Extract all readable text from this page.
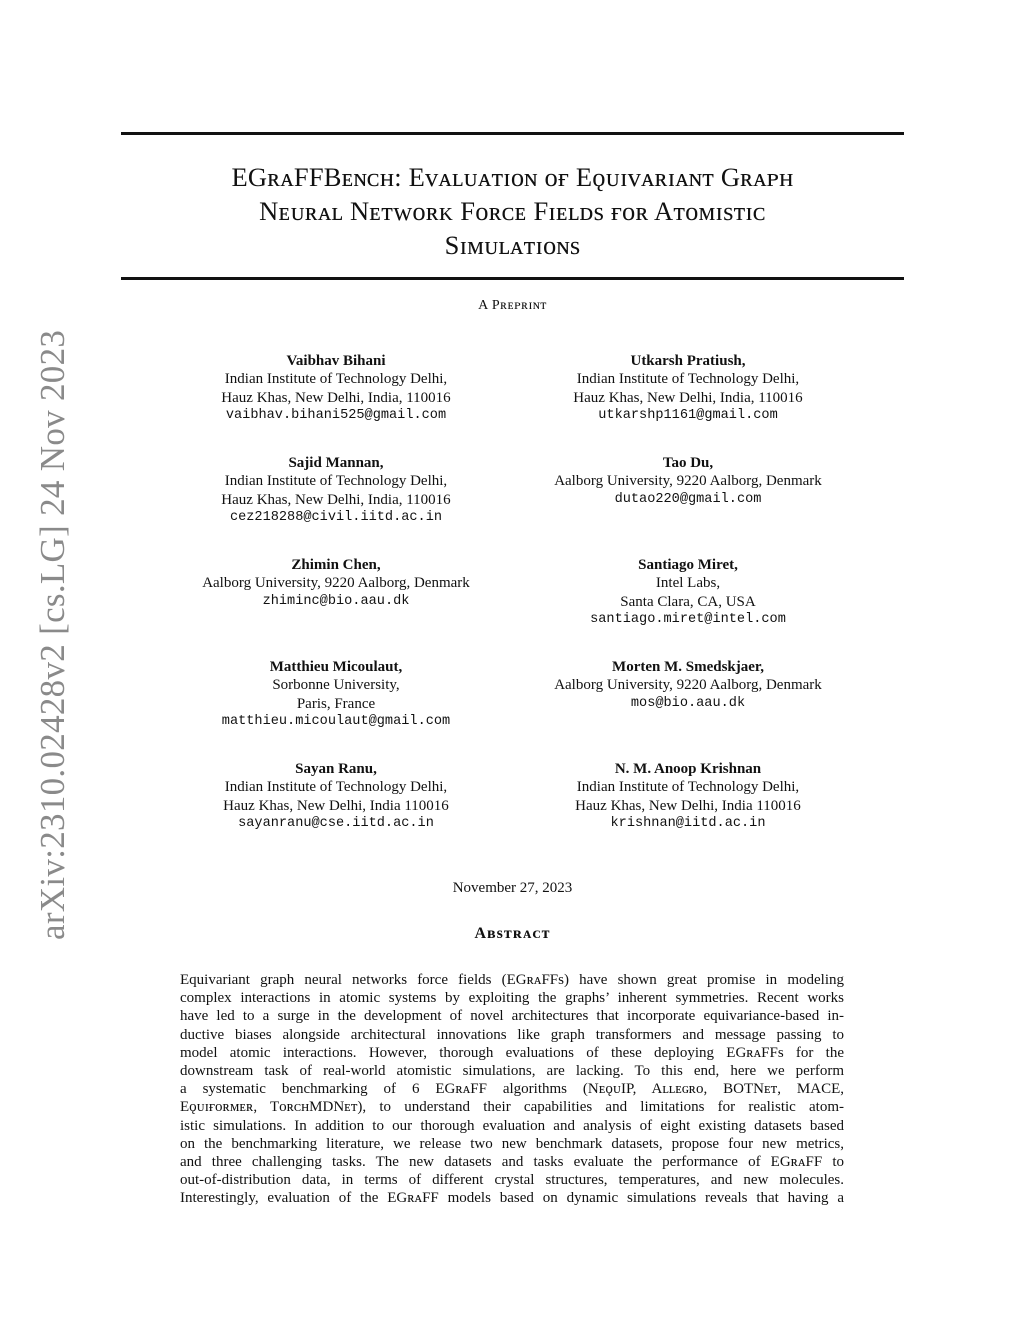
EGʀᴀFFBᴇɴᴄʜ: Eᴠᴀʟᴜᴀᴛɪᴏɴ ᴏғ Eǫᴜɪᴠᴀʀɪᴀɴᴛ Gʀᴀᴘʜ
Nᴇᴜʀᴀʟ Nᴇᴛᴡᴏʀᴋ Fᴏʀᴄᴇ Fɪᴇʟᴅs ғᴏʀ Aᴛᴏᴍɪsᴛɪᴄ
Sɪᴍᴜʟᴀᴛɪᴏɴs
A Pʀᴇᴘʀɪɴᴛ
arXiv:2310.02428v2 [cs.LG] 24 Nov 2023	Vaibhav Bihani
Indian Institute of Technology Delhi,
Hauz Khas, New Delhi, India, 110016
vaibhav.bihani525@gmail.com
Utkarsh Pratiush,
Indian Institute of Technology Delhi,
Hauz Khas, New Delhi, India, 110016
utkarshp1161@gmail.com
Sajid Mannan,
Indian Institute of Technology Delhi,
Hauz Khas, New Delhi, India, 110016
cez218288@civil.iitd.ac.in
Tao Du,
Aalborg University, 9220 Aalborg, Denmark
dutao220@gmail.com
Zhimin Chen,
Aalborg University, 9220 Aalborg, Denmark
zhiminc@bio.aau.dk
Santiago Miret,
Intel Labs,
Santa Clara, CA, USA
santiago.miret@intel.com
Matthieu Micoulaut,
Sorbonne University,
Paris, France
matthieu.micoulaut@gmail.com
Morten M. Smedskjaer,
Aalborg University, 9220 Aalborg, Denmark
mos@bio.aau.dk
Sayan Ranu,
Indian Institute of Technology Delhi,
Hauz Khas, New Delhi, India 110016
sayanranu@cse.iitd.ac.in
N. M. Anoop Krishnan
Indian Institute of Technology Delhi,
Hauz Khas, New Delhi, India 110016
krishnan@iitd.ac.in
November 27, 2023
Aʙsᴛʀᴀᴄᴛ
Equivariant graph neural networks force fields (EGʀᴀFFs) have shown great promise in modeling
complex interactions in atomic systems by exploiting the graphs’ inherent symmetries. Recent works
have led to a surge in the development of novel architectures that incorporate equivariance-based in-
ductive biases alongside architectural innovations like graph transformers and message passing to
model atomic interactions. However, thorough evaluations of these deploying EGʀᴀFFs for the
downstream task of real-world atomistic simulations, are lacking. To this end, here we perform
a systematic benchmarking of 6 EGʀᴀFF algorithms (NᴇǫᴜIP, Aʟʟᴇɢʀᴏ, BOTNᴇᴛ, MACE,
Eǫᴜɪғᴏʀᴍᴇʀ, TᴏʀᴄʜMDNᴇᴛ), to understand their capabilities and limitations for realistic atom-
istic simulations. In addition to our thorough evaluation and analysis of eight existing datasets based
on the benchmarking literature, we release two new benchmark datasets, propose four new metrics,
and three challenging tasks. The new datasets and tasks evaluate the performance of EGʀᴀFF to
out-of-distribution data, in terms of different crystal structures, temperatures, and new molecules.
Interestingly, evaluation of the EGʀᴀFF models based on dynamic simulations reveals that having a
